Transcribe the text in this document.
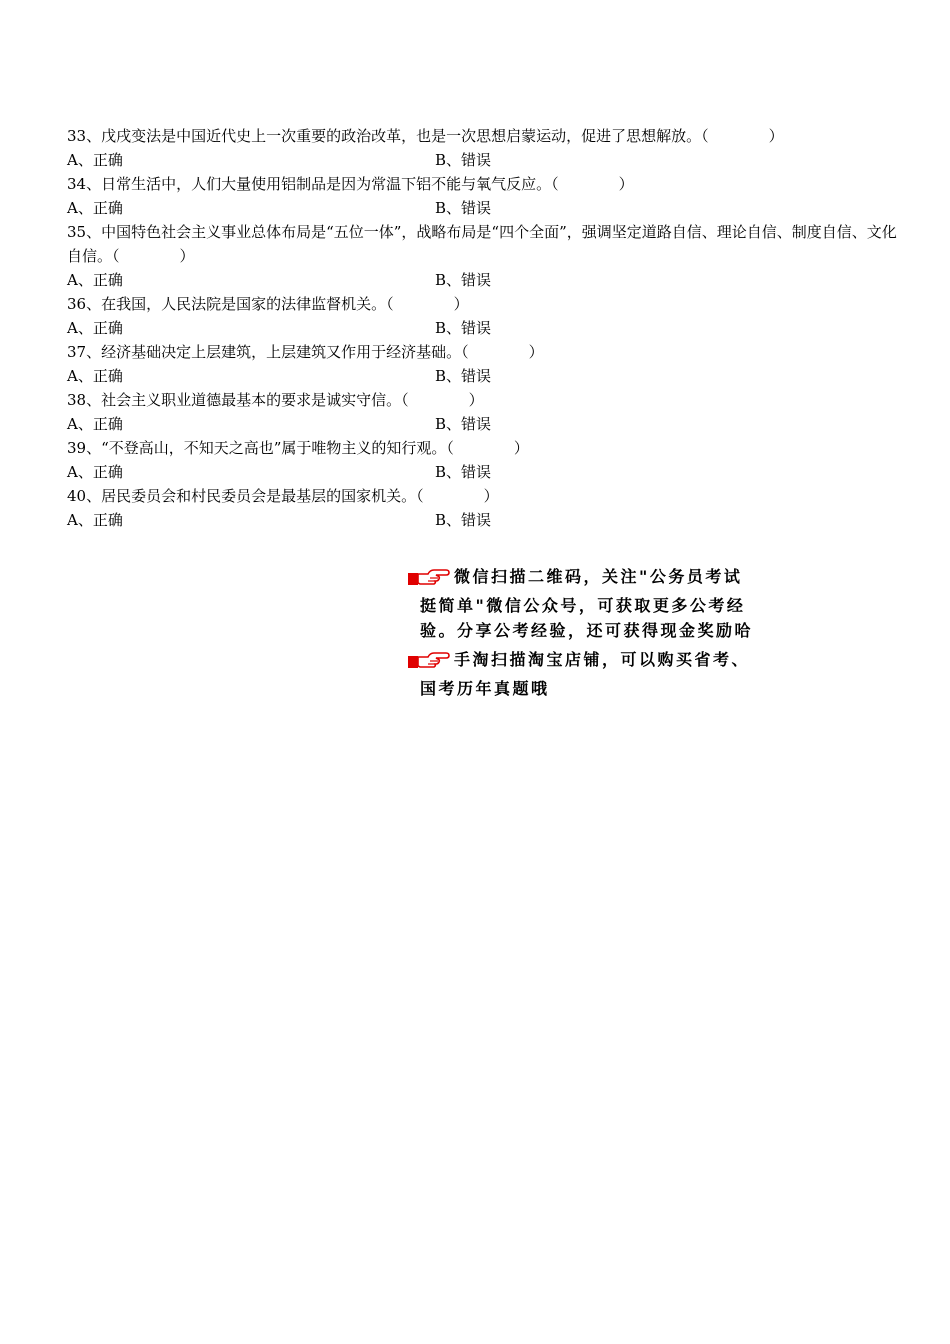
33、戊戌变法是中国近代史上一次重要的政治改革，也是一次思想启蒙运动，促进了思想解放。（　　　　）

A、正确	B、错误

34、日常生活中，人们大量使用铝制品是因为常温下铝不能与氧气反应。（　　　　）

A、正确	B、错误

35、中国特色社会主义事业总体布局是“五位一体”，战略布局是“四个全面”，强调坚定道路自信、理论自信、制度自信、文化自信。（　　　　）

A、正确	B、错误

36、在我国，人民法院是国家的法律监督机关。（　　　　）

A、正确	B、错误

37、经济基础决定上层建筑，上层建筑又作用于经济基础。（　　　　）

A、正确	B、错误

38、社会主义职业道德最基本的要求是诚实守信。（　　　　）

A、正确	B、错误

39、“不登高山，不知天之高也”属于唯物主义的知行观。（　　　　）

A、正确	B、错误

40、居民委员会和村民委员会是最基层的国家机关。（　　　　）

A、正确	B、错误
微信扫描二维码，关注"公务员考试
挺简单"微信公众号，可获取更多公考经
验。分享公考经验，还可获得现金奖励哈
手淘扫描淘宝店铺，可以购买省考、
国考历年真题哦
